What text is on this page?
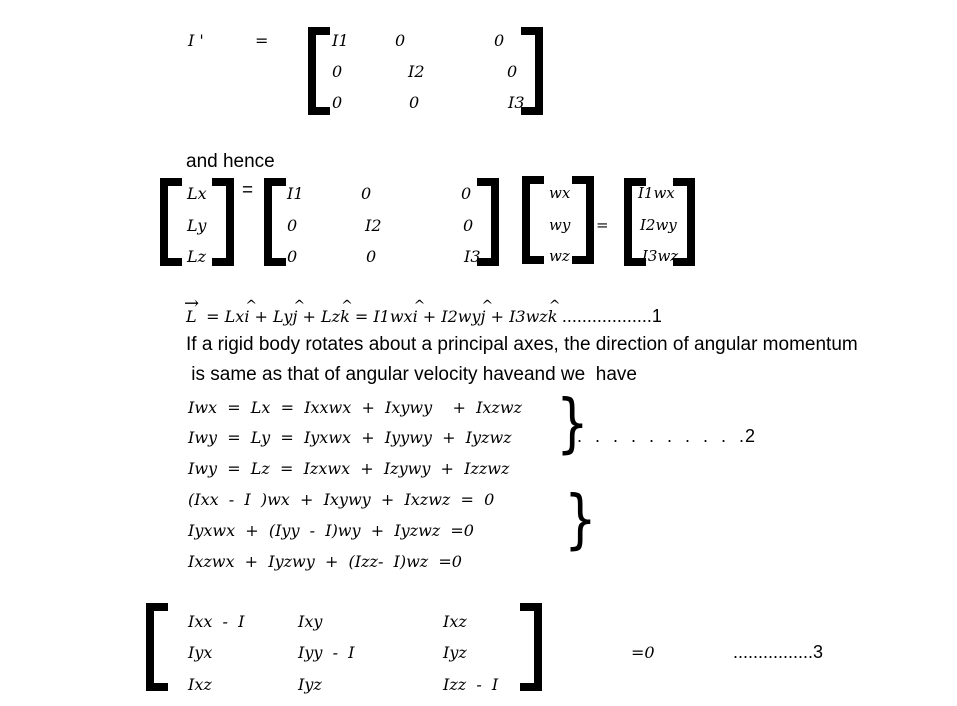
I '	=	I1	0	0
0	I2	0
0	0	I3
and hence
Lx
Ly
Lz
= I1	0	0
0	I2	0
0	0	I3
wx
wy
wz
=
I1wx
I2wy
I3wz
→ L = Lx^ i + Ly^ j + Lz^ k = I1wx^ i + I2wy^ j + I3wz^ k ..................1
If a rigid body rotates about a principal axes, the direction of angular momentum
is same as that of angular velocity haveand we  have
Iwx  =  Lx  =  Ixxwx  +  Ixywy    +  Ixzwz
Iwy  =  Ly  =  Iyxwx  +  Iyywy  +  Iyzwz
Iwy  =  Lz  =  Izxwx  +  Izywy  +  Izzwz
}
.  .  .  .  .  .  .  .  .  .2
(Ixx  -  I  )wx  +  Ixywy  +  Ixzwz  =  0
Iyxwx  +  (Iyy  -  I)wy  +  Iyzwz  =0
Ixzwx  +  Iyzwy  +  (Izz-  I)wz  =0
}
Ixx  -  I	Ixy	Ixz
Iyx	Iyy  -  I	Iyz
Ixz	Iyz	Izz  -  I
=0	................3
